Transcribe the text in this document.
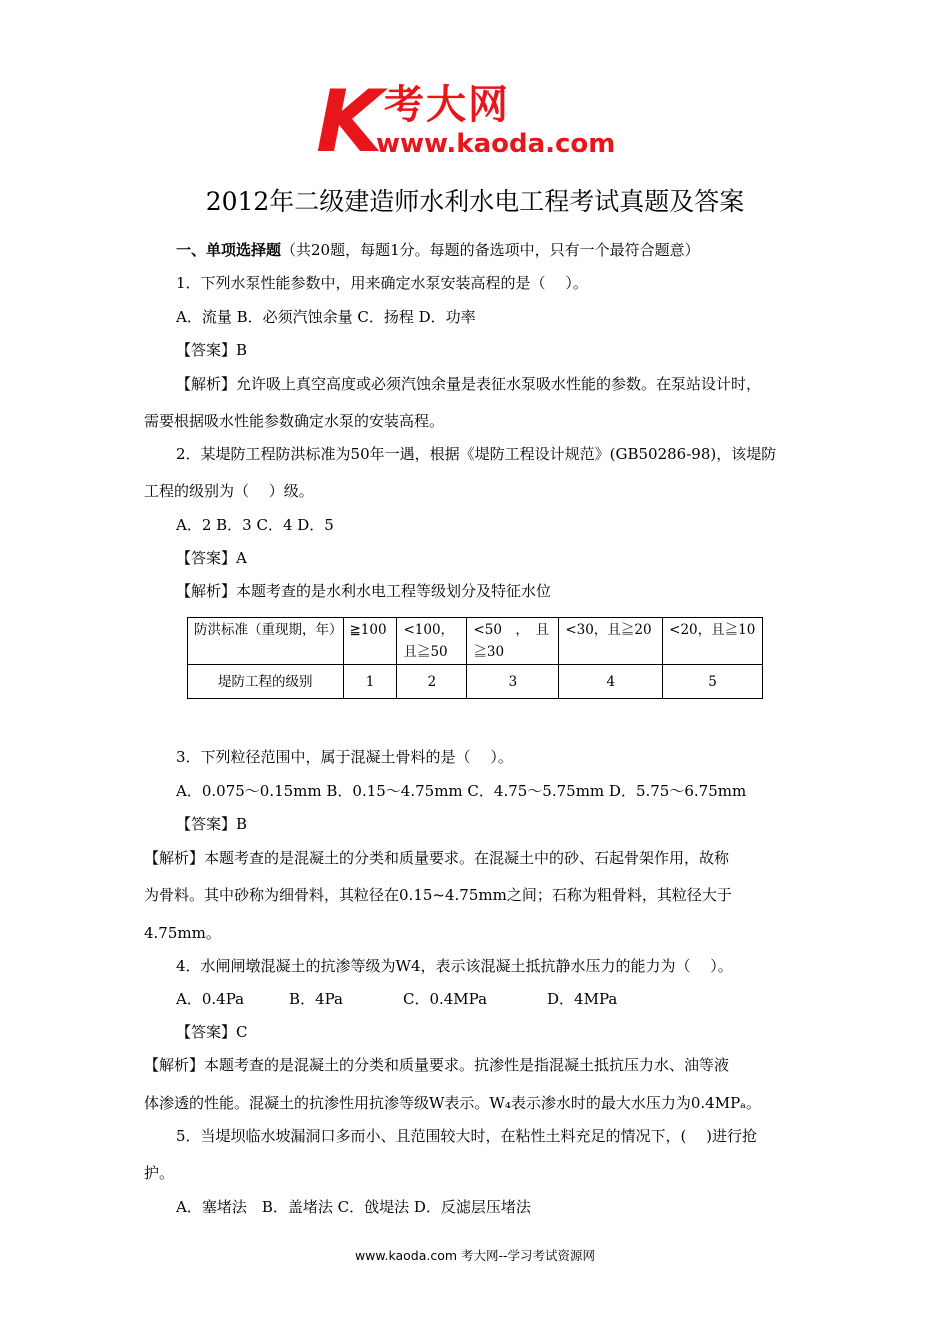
K 考大网
www.kaoda.com
2012年二级建造师水利水电工程考试真题及答案
一、单项选择题（共20题，每题1分。每题的备选项中，只有一个最符合题意）
1．下列水泵性能参数中，用来确定水泵安装高程的是（　 ）。
A．流量 B．必须汽蚀余量 C．扬程 D．功率
【答案】B
【解析】允许吸上真空高度或必须汽蚀余量是表征水泵吸水性能的参数。在泵站设计时，
需要根据吸水性能参数确定水泵的安装高程。
2．某堤防工程防洪标准为50年一遇，根据《堤防工程设计规范》(GB50286-98)，该堤防
工程的级别为（　 ）级。
A．2 B．3 C．4 D．5
【答案】A
【解析】本题考查的是水利水电工程等级划分及特征水位
防洪标准（重现期，年）	≧100	<100，且≧50	<50　，　且≧30	<30，且≧20	<20，且≧10
堤防工程的级别	1	2	3	4	5
3．下列粒径范围中，属于混凝土骨料的是（　 ）。
A．0.075～0.15mm B．0.15～4.75mm C．4.75～5.75mm D．5.75～6.75mm
【答案】B
【解析】本题考查的是混凝土的分类和质量要求。在混凝土中的砂、石起骨架作用，故称
为骨料。其中砂称为细骨料，其粒径在0.15~4.75mm之间；石称为粗骨料，其粒径大于
4.75mm。
4．水闸闸墩混凝土的抗渗等级为W4，表示该混凝土抵抗静水压力的能力为（　 ）。
A．0.4Pa　　　B．4Pa　　　　C．0.4MPa　　　　D．4MPa
【答案】C
【解析】本题考查的是混凝土的分类和质量要求。抗渗性是指混凝土抵抗压力水、油等液
体渗透的性能。混凝土的抗渗性用抗渗等级W表示。W₄表示渗水时的最大水压力为0.4MPₐ。
5．当堤坝临水坡漏洞口多而小、且范围较大时，在粘性土料充足的情况下，(　 )进行抢
护。
A．塞堵法　B．盖堵法 C．戗堤法 D．反滤层压堵法
www.kaoda.com 考大网--学习考试资源网
